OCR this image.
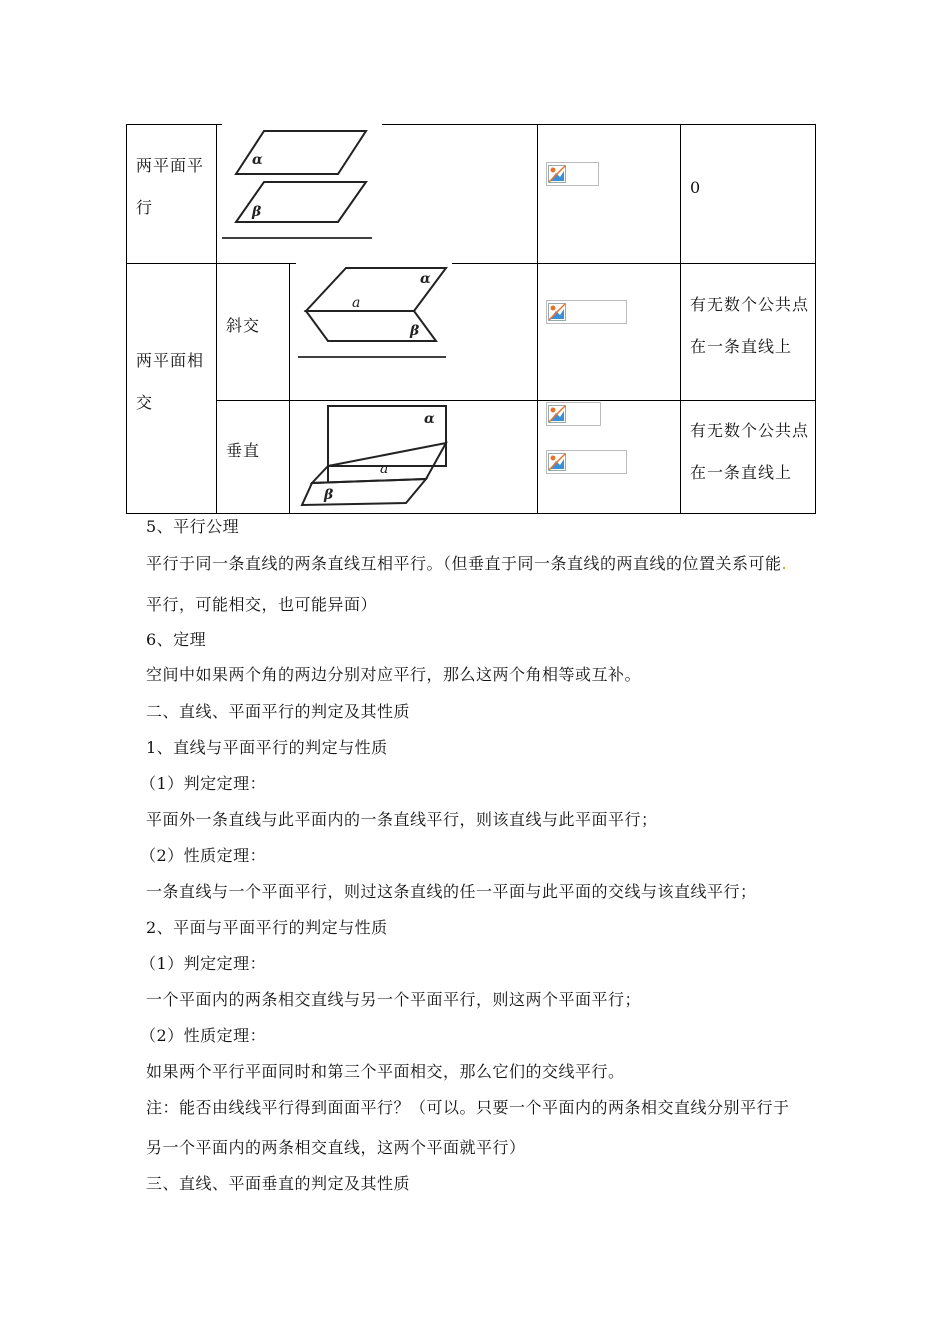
两平面平
行
α
β
0
两平面相
交
斜交
α
a
β
有无数个公共点
在一条直线上
垂直
α
a
β
有无数个公共点
在一条直线上
5、平行公理
平行于同一条直线的两条直线互相平行。（但垂直于同一条直线的两直线的位置关系可能.
平行，可能相交，也可能异面）
6、定理
空间中如果两个角的两边分别对应平行，那么这两个角相等或互补。
二、直线、平面平行的判定及其性质
1、直线与平面平行的判定与性质
（1）判定定理：
平面外一条直线与此平面内的一条直线平行，则该直线与此平面平行；
（2）性质定理：
一条直线与一个平面平行，则过这条直线的任一平面与此平面的交线与该直线平行；
2、平面与平面平行的判定与性质
（1）判定定理：
一个平面内的两条相交直线与另一个平面平行，则这两个平面平行；
（2）性质定理：
如果两个平行平面同时和第三个平面相交，那么它们的交线平行。
注：能否由线线平行得到面面平行？（可以。只要一个平面内的两条相交直线分别平行于
另一个平面内的两条相交直线，这两个平面就平行）
三、直线、平面垂直的判定及其性质
